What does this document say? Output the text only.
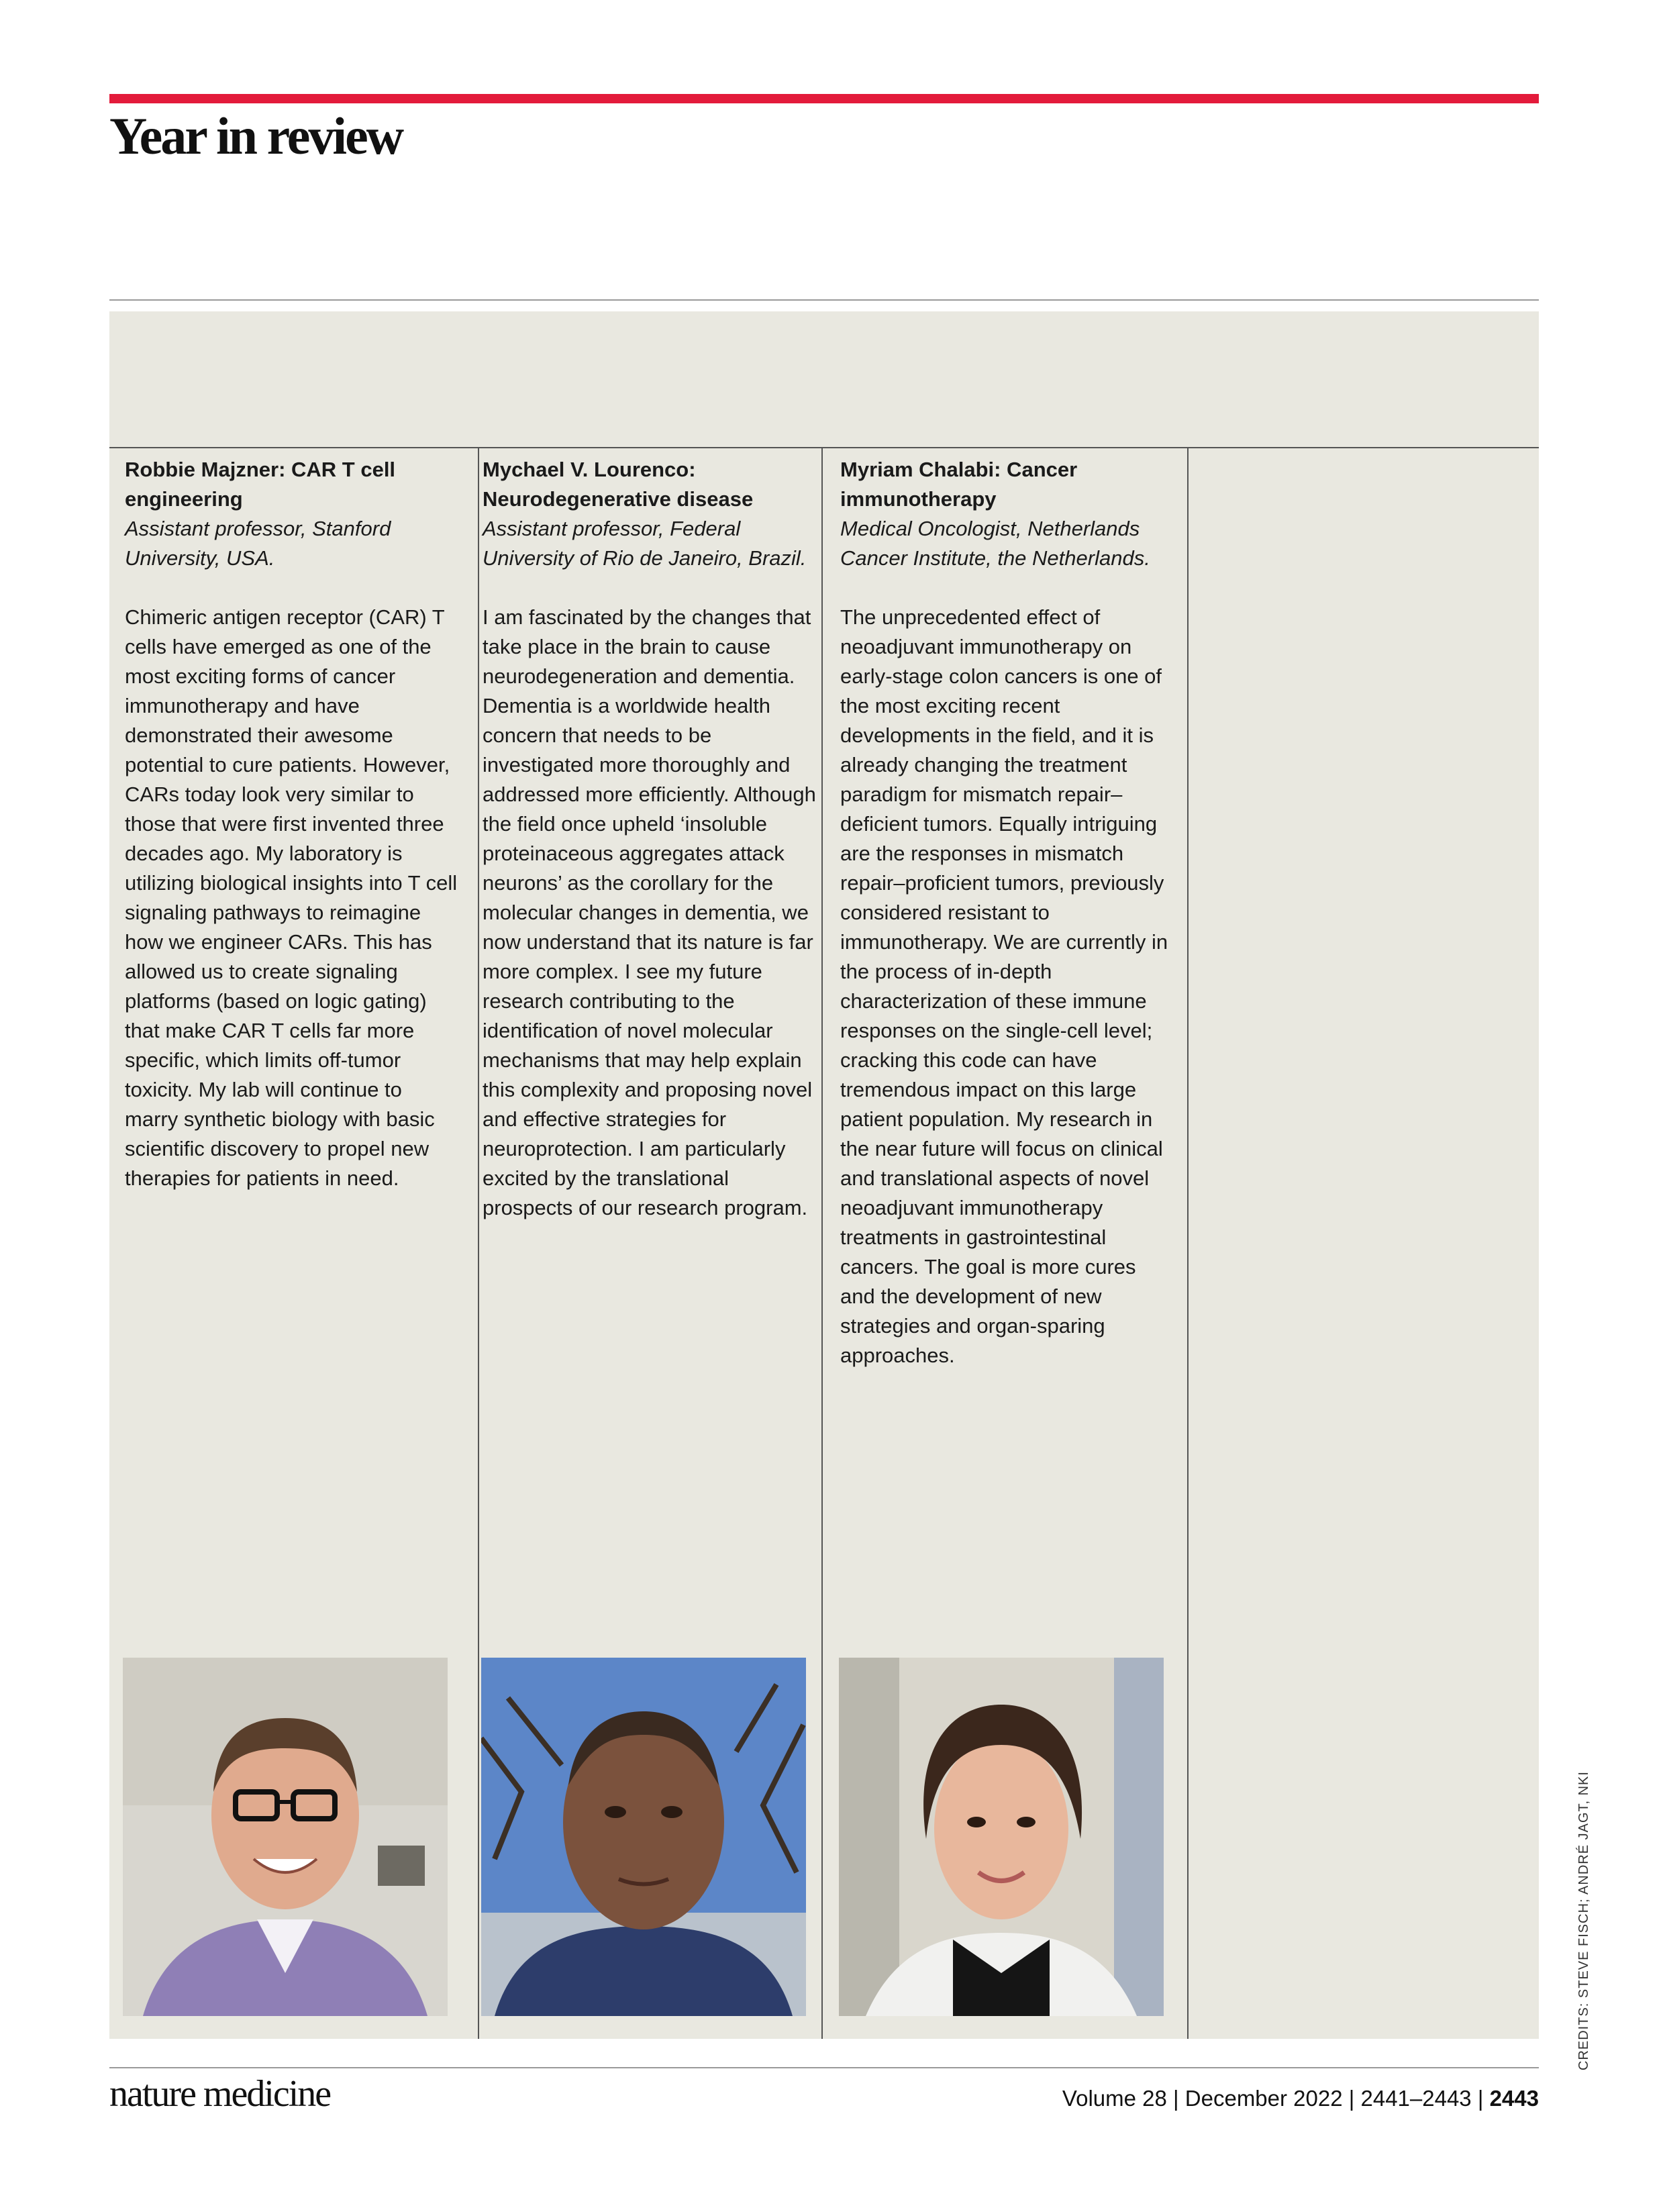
Year in review
Robbie Majzner: CAR T cell engineering
Assistant professor, Stanford University, USA.
Chimeric antigen receptor (CAR) T cells have emerged as one of the most exciting forms of cancer immunotherapy and have demonstrated their awesome potential to cure patients. However, CARs today look very similar to those that were first invented three decades ago. My laboratory is utilizing biological insights into T cell signaling pathways to reimagine how we engineer CARs. This has allowed us to create signaling platforms (based on logic gating) that make CAR T cells far more specific, which limits off-tumor toxicity. My lab will continue to marry synthetic biology with basic scientific discovery to propel new therapies for patients in need.
Mychael V. Lourenco: Neurodegenerative disease
Assistant professor, Federal University of Rio de Janeiro, Brazil.
I am fascinated by the changes that take place in the brain to cause neurodegeneration and dementia. Dementia is a worldwide health concern that needs to be investigated more thoroughly and addressed more efficiently. Although the field once upheld ‘insoluble proteinaceous aggregates attack neurons’ as the corollary for the molecular changes in dementia, we now understand that its nature is far more complex. I see my future research contributing to the identification of novel molecular mechanisms that may help explain this complexity and proposing novel and effective strategies for neuroprotection. I am particularly excited by the translational prospects of our research program.
Myriam Chalabi: Cancer immunotherapy
Medical Oncologist, Netherlands Cancer Institute, the Netherlands.
The unprecedented effect of neoadjuvant immunotherapy on early-stage colon cancers is one of the most exciting recent developments in the field, and it is already changing the treatment paradigm for mismatch repair–deficient tumors. Equally intriguing are the responses in mismatch repair–proficient tumors, previously considered resistant to immunotherapy. We are currently in the process of in-depth characterization of these immune responses on the single-cell level; cracking this code can have tremendous impact on this large patient population. My research in the near future will focus on clinical and translational aspects of novel neoadjuvant immunotherapy treatments in gastrointestinal cancers. The goal is more cures and the development of new strategies and organ-sparing approaches.
CREDITS: STEVE FISCH; ANDRÉ JAGT, NKI
nature medicine	Volume 28 | December 2022 | 2441–2443 | 2443
